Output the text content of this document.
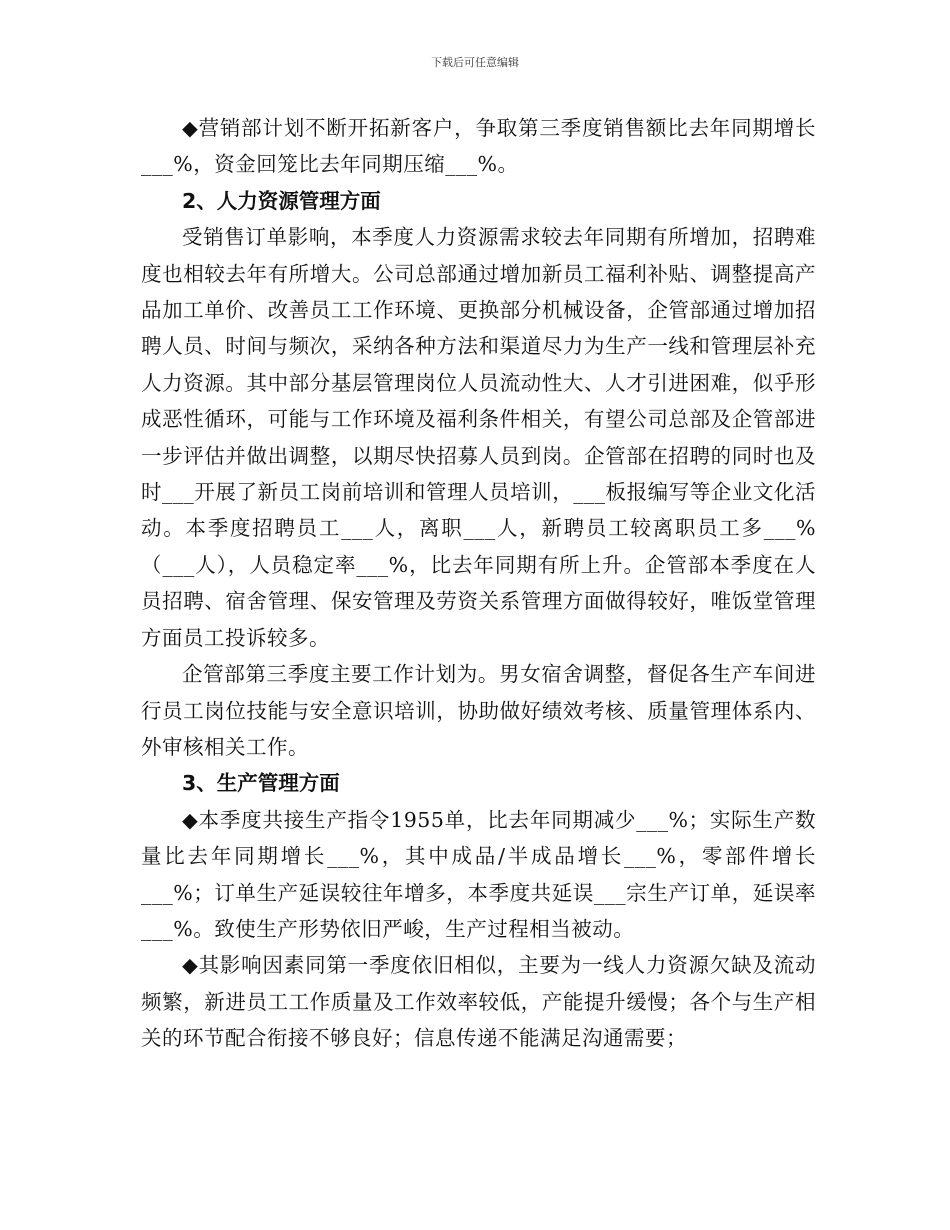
下载后可任意编辑

◆营销部计划不断开拓新客户，争取第三季度销售额比去年同期增长___%，资金回笼比去年同期压缩___%。

2、人力资源管理方面

受销售订单影响，本季度人力资源需求较去年同期有所增加，招聘难度也相较去年有所增大。公司总部通过增加新员工福利补贴、调整提高产品加工单价、改善员工工作环境、更换部分机械设备，企管部通过增加招聘人员、时间与频次，采纳各种方法和渠道尽力为生产一线和管理层补充人力资源。其中部分基层管理岗位人员流动性大、人才引进困难，似乎形成恶性循环，可能与工作环境及福利条件相关，有望公司总部及企管部进一步评估并做出调整，以期尽快招募人员到岗。企管部在招聘的同时也及时___开展了新员工岗前培训和管理人员培训，___板报编写等企业文化活动。本季度招聘员工___人，离职___人，新聘员工较离职员工多___%（___人），人员稳定率___%，比去年同期有所上升。企管部本季度在人员招聘、宿舍管理、保安管理及劳资关系管理方面做得较好，唯饭堂管理方面员工投诉较多。

企管部第三季度主要工作计划为。男女宿舍调整，督促各生产车间进行员工岗位技能与安全意识培训，协助做好绩效考核、质量管理体系内、外审核相关工作。

3、生产管理方面

◆本季度共接生产指令1955单，比去年同期减少___%；实际生产数量比去年同期增长___%，其中成品/半成品增长___%，零部件增长___%；订单生产延误较往年增多，本季度共延误___宗生产订单，延误率___%。致使生产形势依旧严峻，生产过程相当被动。

◆其影响因素同第一季度依旧相似，主要为一线人力资源欠缺及流动频繁，新进员工工作质量及工作效率较低，产能提升缓慢；各个与生产相关的环节配合衔接不够良好；信息传递不能满足沟通需要；
